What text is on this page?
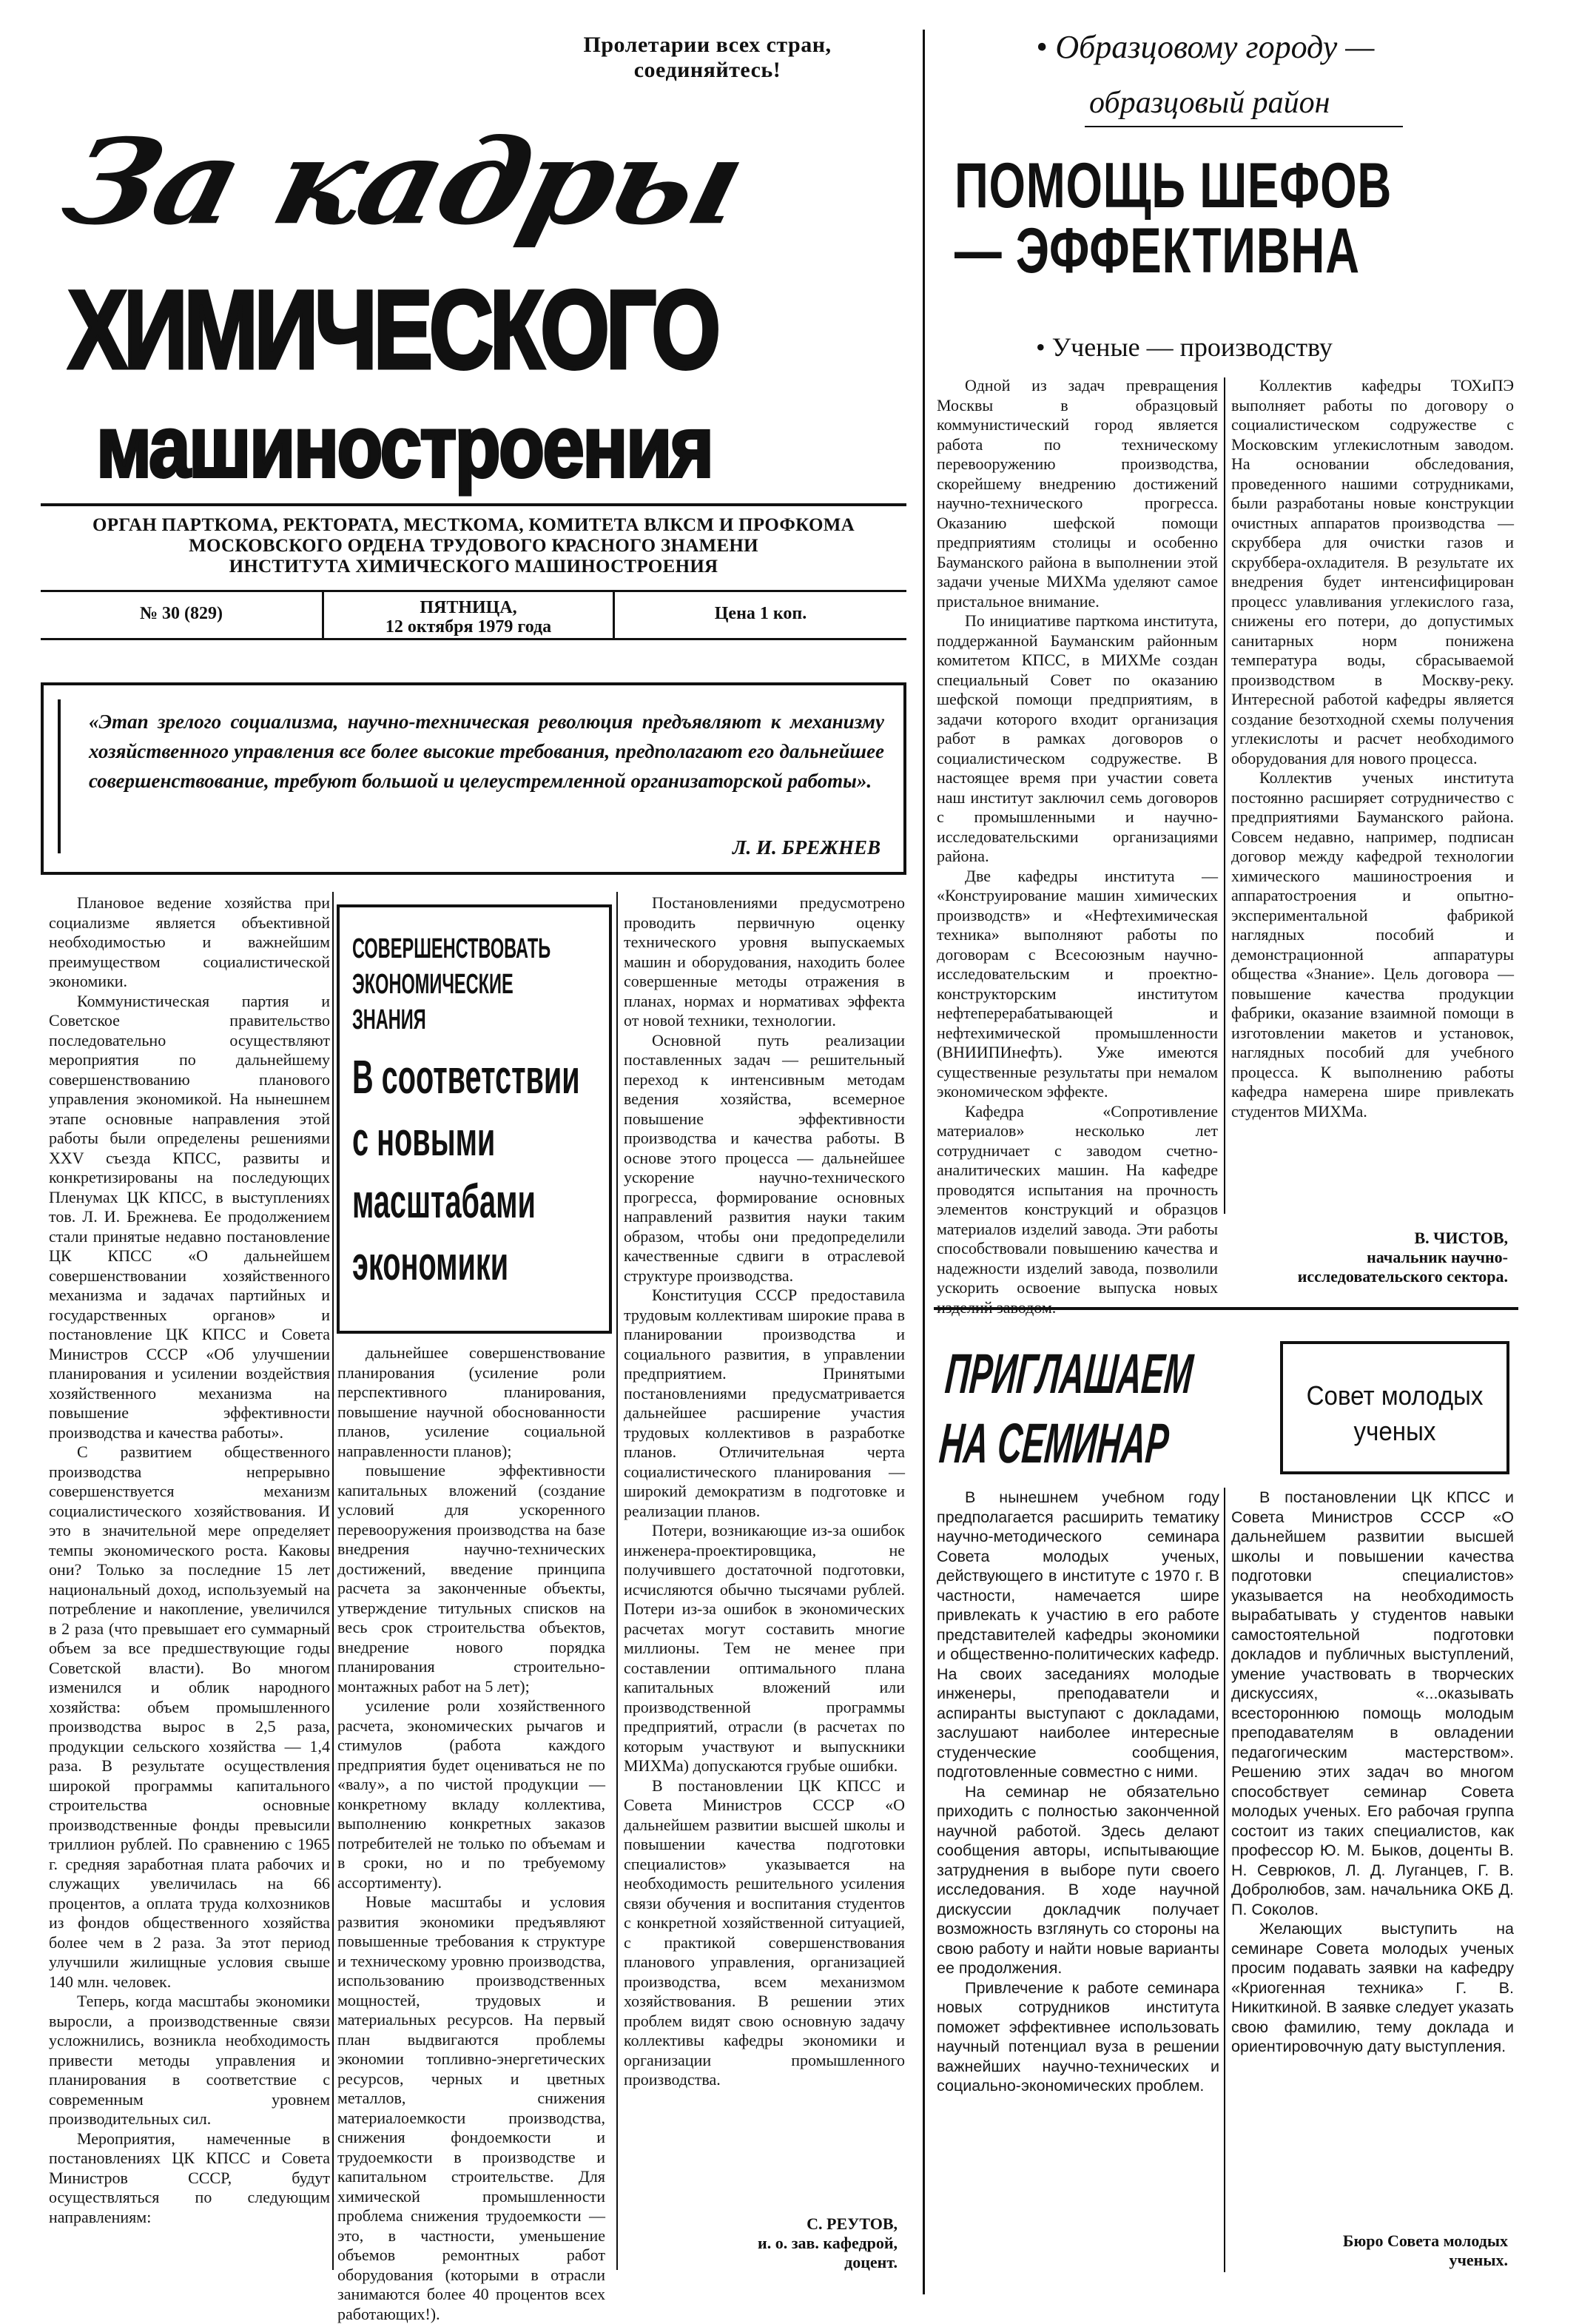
Пролетарии всех стран, соединяйтесь!
За кадры
ХИМИЧЕСКОГО
машиностроения
ОРГАН ПАРТКОМА, РЕКТОРАТА, МЕСТКОМА, КОМИТЕТА ВЛКСМ И ПРОФКОМА
МОСКОВСКОГО ОРДЕНА ТРУДОВОГО КРАСНОГО ЗНАМЕНИ
ИНСТИТУТА ХИМИЧЕСКОГО МАШИНОСТРОЕНИЯ
№ 30 (829)	ПЯТНИЦА,
12 октября 1979 года
Цена 1 коп.
«Этап зрелого социализма, научно-техническая революция предъявляют к механизму хозяйственного управления все более высокие требования, предполагают его дальнейшее совершенствование, требуют большой и целеустремленной организаторской работы».
Л. И. БРЕЖНЕВ
Плановое ведение хозяйства при социализме является объективной необходимостью и важнейшим преимуществом социалистической экономики.
Коммунистическая партия и Советское правительство последовательно осуществляют мероприятия по дальнейшему совершенствованию планового управления экономикой. На нынешнем этапе основные направления этой работы были определены решениями XXV съезда КПСС, развиты и конкретизированы на последующих Пленумах ЦК КПСС, в выступлениях тов. Л. И. Брежнева. Ее продолжением стали принятые недавно постановление ЦК КПСС «О дальнейшем совершенствовании хозяйственного механизма и задачах партийных и государственных органов» и постановление ЦК КПСС и Совета Министров СССР «Об улучшении планирования и усилении воздействия хозяйственного механизма на повышение эффективности производства и качества работы».
С развитием общественного производства непрерывно совершенствуется механизм социалистического хозяйствования. И это в значительной мере определяет темпы экономического роста. Каковы они? Только за последние 15 лет национальный доход, используемый на потребление и накопление, увеличился в 2 раза (что превышает его суммарный объем за все предшествующие годы Советской власти). Во многом изменился и облик народного хозяйства: объем промышленного производства вырос в 2,5 раза, продукции сельского хозяйства — 1,4 раза. В результате осуществления широкой программы капитального строительства основные производственные фонды превысили триллион рублей. По сравнению с 1965 г. средняя заработная плата рабочих и служащих увеличилась на 66 процентов, а оплата труда колхозников из фондов общественного хозяйства более чем в 2 раза. За этот период улучшили жилищные условия свыше 140 млн. человек.
Теперь, когда масштабы экономики выросли, а производственные связи усложнились, возникла необходимость привести методы управления и планирования в соответствие с современным уровнем производительных сил.
Мероприятия, намеченные в постановлениях ЦК КПСС и Совета Министров СССР, будут осуществляться по следующим направлениям:
СОВЕРШЕНСТВОВАТЬ
ЭКОНОМИЧЕСКИЕ
ЗНАНИЯ
В соответствии
с новыми
масштабами
экономики
дальнейшее совершенствование планирования (усиление роли перспективного планирования, повышение научной обоснованности планов, усиление социальной направленности планов);
повышение эффективности капитальных вложений (создание условий для ускоренного перевооружения производства на базе внедрения научно-технических достижений, введение принципа расчета за законченные объекты, утверждение титульных списков на весь срок строительства объектов, внедрение нового порядка планирования строительно-монтажных работ на 5 лет);
усиление роли хозяйственного расчета, экономических рычагов и стимулов (работа каждого предприятия будет оцениваться не по «валу», а по чистой продукции — конкретному вкладу коллектива, выполнению конкретных заказов потребителей не только по объемам и в сроки, но и по требуемому ассортименту).
Новые масштабы и условия развития экономики предъявляют повышенные требования к структуре и техническому уровню производства, использованию производственных мощностей, трудовых и материальных ресурсов. На первый план выдвигаются проблемы экономии топливно-энергетических ресурсов, черных и цветных металлов, снижения материалоемкости производства, снижения фондоемкости и трудоемкости в производстве и капитальном строительстве. Для химической промышленности проблема снижения трудоемкости — это, в частности, уменьшение объемов ремонтных работ оборудования (которыми в отрасли занимаются более 40 процентов всех работающих!).
Постановлениями предусмотрено проводить первичную оценку технического уровня выпускаемых машин и оборудования, находить более совершенные методы отражения в планах, нормах и нормативах эффекта от новой техники, технологии.
Основной путь реализации поставленных задач — решительный переход к интенсивным методам ведения хозяйства, всемерное повышение эффективности производства и качества работы. В основе этого процесса — дальнейшее ускорение научно-технического прогресса, формирование основных направлений развития науки таким образом, чтобы они предопределили качественные сдвиги в отраслевой структуре производства.
Конституция СССР предоставила трудовым коллективам широкие права в планировании производства и социального развития, в управлении предприятием. Принятыми постановлениями предусматривается дальнейшее расширение участия трудовых коллективов в разработке планов. Отличительная черта социалистического планирования — широкий демократизм в подготовке и реализации планов.
Потери, возникающие из-за ошибок инженера-проектировщика, не получившего достаточной подготовки, исчисляются обычно тысячами рублей. Потери из-за ошибок в экономических расчетах могут составить многие миллионы. Тем не менее при составлении оптимального плана капитальных вложений или производственной программы предприятий, отрасли (в расчетах по которым участвуют и выпускники МИХМа) допускаются грубые ошибки.
В постановлении ЦК КПСС и Совета Министров СССР «О дальнейшем развитии высшей школы и повышении качества подготовки специалистов» указывается на необходимость решительного усиления связи обучения и воспитания студентов с конкретной хозяйственной ситуацией, с практикой совершенствования планового управления, организацией производства, всем механизмом хозяйствования. В решении этих проблем видят свою основную задачу коллективы кафедры экономики и организации промышленного производства.
С. РЕУТОВ,
и. о. зав. кафедрой,
доцент.
• Образцовому городу —
образцовый район
ПОМОЩЬ ШЕФОВ
— ЭФФЕКТИВНА
• Ученые — производству
Одной из задач превращения Москвы в образцовый коммунистический город является работа по техническому перевооружению производства, скорейшему внедрению достижений научно-технического прогресса. Оказанию шефской помощи предприятиям столицы и особенно Бауманского района в выполнении этой задачи ученые МИХМа уделяют самое пристальное внимание.
По инициативе парткома института, поддержанной Бауманским районным комитетом КПСС, в МИХМе создан специальный Совет по оказанию шефской помощи предприятиям, в задачи которого входит организация работ в рамках договоров о социалистическом содружестве. В настоящее время при участии совета наш институт заключил семь договоров с промышленными и научно-исследовательскими организациями района.
Две кафедры института — «Конструирование машин химических производств» и «Нефтехимическая техника» выполняют работы по договорам с Всесоюзным научно-исследовательским и проектно-конструкторским институтом нефтеперерабатывающей и нефтехимической промышленности (ВНИИПИнефть). Уже имеются существенные результаты при немалом экономическом эффекте.
Кафедра «Сопротивление материалов» несколько лет сотрудничает с заводом счетно-аналитических машин. На кафедре проводятся испытания на прочность элементов конструкций и образцов материалов изделий завода. Эти работы способствовали повышению качества и надежности изделий завода, позволили ускорить освоение выпуска новых
Коллектив кафедры ТОХиПЭ выполняет работы по договору о социалистическом содружестве с Московским углекислотным заводом. На основании обследования, проведенного нашими сотрудниками, были разработаны новые конструкции очистных аппаратов производства — скруббера для очистки газов и скруббера-охладителя. В результате их внедрения будет интенсифицирован процесс улавливания углекислого газа, снижены его потери, до допустимых санитарных норм понижена температура воды, сбрасываемой производством в Москву-реку. Интересной работой кафедры является создание безотходной схемы получения углекислоты и расчет необходимого оборудования для нового процесса.
Коллектив ученых института постоянно расширяет сотрудничество с предприятиями Бауманского района. Совсем недавно, например, подписан договор между кафедрой технологии химического машиностроения и аппаратостроения и опытно-экспериментальной фабрикой наглядных пособий и демонстрационной аппаратуры общества «Знание». Цель договора — повышение качества продукции фабрики, оказание взаимной помощи в изготовлении макетов и установок, наглядных пособий для учебного процесса. К выполнению работы кафедра намерена шире привлекать студентов МИХМа.
В. ЧИСТОВ,
начальник научно-
исследовательского сектора.
ПРИГЛАШАЕМ
НА СЕМИНАР
Совет молодых
ученых
В нынешнем учебном году предполагается расширить тематику научно-методического семинара Совета молодых ученых, действующего в институте с 1970 г. В частности, намечается шире привлекать к участию в его работе представителей кафедры экономики и общественно-политических кафедр. На своих заседаниях молодые инженеры, преподаватели и аспиранты выступают с докладами, заслушают наиболее интересные студенческие сообщения, подготовленные совместно с ними.
На семинар не обязательно приходить с полностью законченной научной работой. Здесь делают сообщения авторы, испытывающие затруднения в выборе пути своего исследования. В ходе научной дискуссии докладчик получает возможность взглянуть со стороны на свою работу и найти новые варианты ее продолжения.
Привлечение к работе семинара новых сотрудников института поможет эффективнее использовать научный потенциал вуза в решении важнейших научно-технических и социально-экономических проблем.
В постановлении ЦК КПСС и Совета Министров СССР «О дальнейшем развитии высшей школы и повышении качества подготовки специалистов» указывается на необходимость вырабатывать у студентов навыки самостоятельной подготовки докладов и публичных выступлений, умение участвовать в творческих дискуссиях, «...оказывать всестороннюю помощь молодым преподавателям в овладении педагогическим мастерством». Решению этих задач во многом способствует семинар Совета молодых ученых. Его рабочая группа состоит из таких специалистов, как профессор Ю. М. Быков, доценты В. Н. Севрюков, Л. Д. Луганцев, Г. В. Добролюбов, зам. начальника ОКБ Д. П. Соколов.
Желающих выступить на семинаре Совета молодых ученых просим подавать заявки на кафедру «Криогенная техника» Г. В. Никиткиной. В заявке следует указать свою фамилию, тему доклада и ориентировочную дату выступления.
Бюро Совета молодых
ученых.
